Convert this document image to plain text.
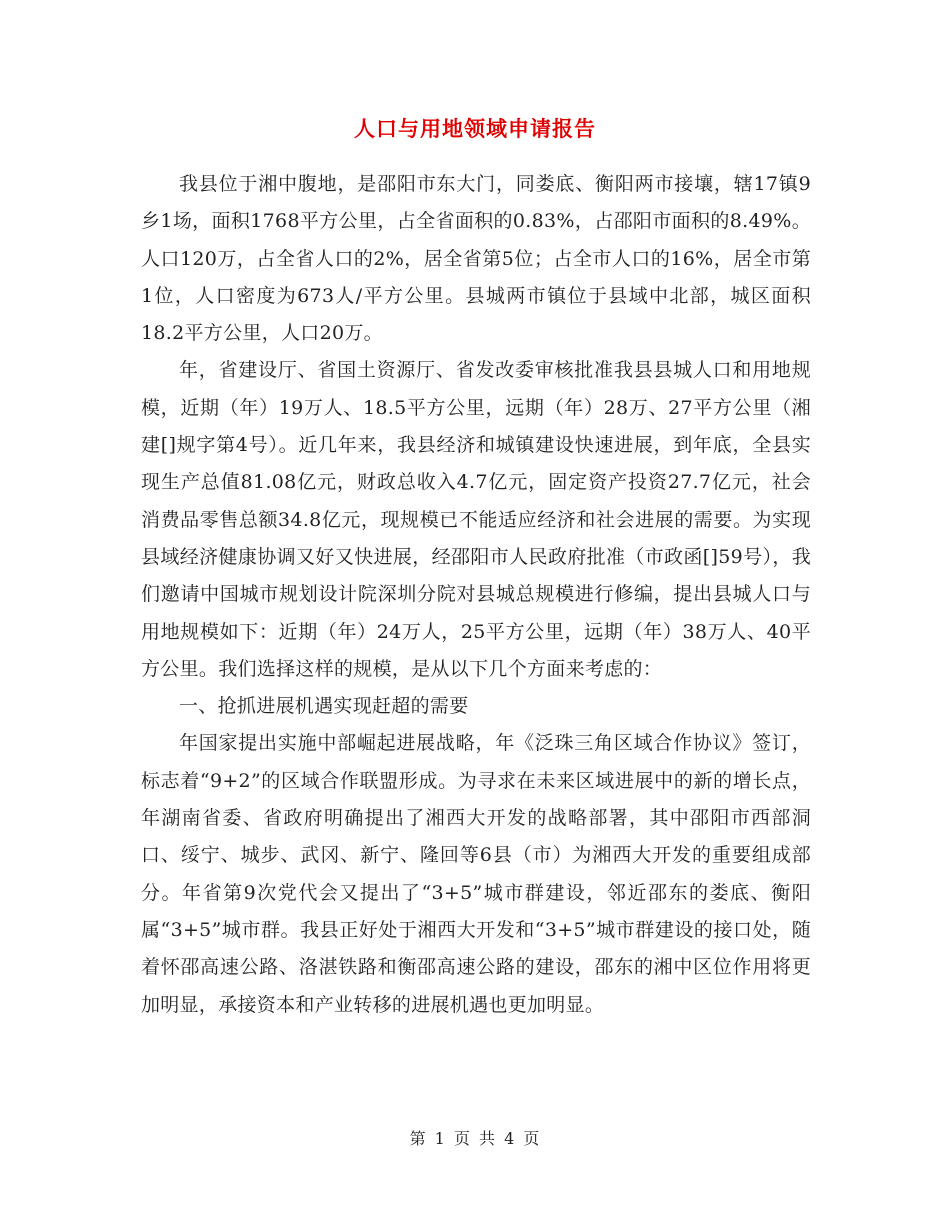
人口与用地领域申请报告

我县位于湘中腹地，是邵阳市东大门，同娄底、衡阳两市接壤，辖17镇9乡1场，面积1768平方公里，占全省面积的0.83%，占邵阳市面积的8.49%。人口120万，占全省人口的2%，居全省第5位；占全市人口的16%，居全市第1位，人口密度为673人/平方公里。县城两市镇位于县域中北部，城区面积18.2平方公里，人口20万。

年，省建设厅、省国土资源厅、省发改委审核批准我县县城人口和用地规模，近期（年）19万人、18.5平方公里，远期（年）28万、27平方公里（湘建[]规字第4号）。近几年来，我县经济和城镇建设快速进展，到年底，全县实现生产总值81.08亿元，财政总收入4.7亿元，固定资产投资27.7亿元，社会消费品零售总额34.8亿元，现规模已不能适应经济和社会进展的需要。为实现县域经济健康协调又好又快进展，经邵阳市人民政府批准（市政函[]59号），我们邀请中国城市规划设计院深圳分院对县城总规模进行修编，提出县城人口与用地规模如下：近期（年）24万人，25平方公里，远期（年）38万人、40平方公里。我们选择这样的规模，是从以下几个方面来考虑的：

一、抢抓进展机遇实现赶超的需要

年国家提出实施中部崛起进展战略，年《泛珠三角区域合作协议》签订，标志着“9+2”的区域合作联盟形成。为寻求在未来区域进展中的新的增长点，年湖南省委、省政府明确提出了湘西大开发的战略部署，其中邵阳市西部洞口、绥宁、城步、武冈、新宁、隆回等6县（市）为湘西大开发的重要组成部分。年省第9次党代会又提出了“3+5”城市群建设，邻近邵东的娄底、衡阳属“3+5”城市群。我县正好处于湘西大开发和“3+5”城市群建设的接口处，随着怀邵高速公路、洛湛铁路和衡邵高速公路的建设，邵东的湘中区位作用将更加明显，承接资本和产业转移的进展机遇也更加明显。

第 1 页 共 4 页
